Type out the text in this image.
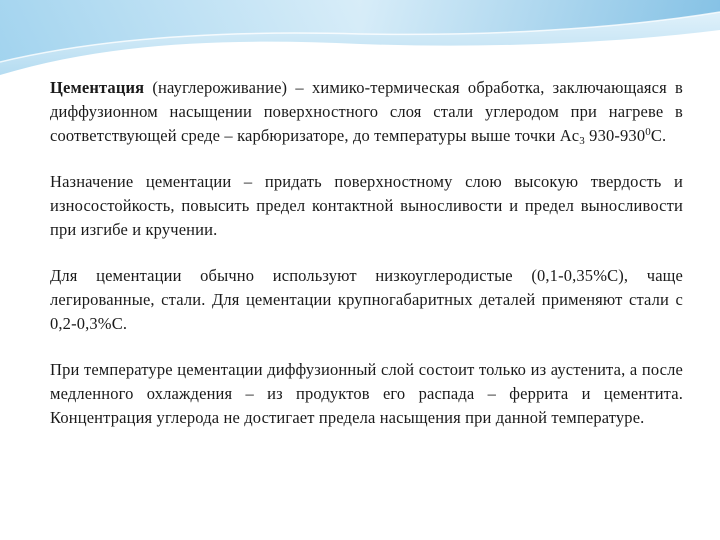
Цементация (науглероживание) – химико-термическая обработка, заключающаяся в диффузионном насыщении поверхностного слоя стали углеродом при нагреве в соответствующей среде – карбюризаторе, до температуры выше точки $Ac_3$ $930-930^0С$.

Назначение цементации – придать поверхностному слою высокую твердость и износостойкость, повысить предел контактной выносливости и предел выносливости при изгибе и кручении.

Для цементации обычно используют низкоуглеродистые (0,1-0,35%С), чаще легированные, стали. Для цементации крупногабаритных деталей применяют стали с 0,2-0,3%С.

При температуре цементации диффузионный слой состоит только из аустенита, а после медленного охлаждения – из продуктов его распада – феррита и цементита. Концентрация углерода не достигает предела насыщения при данной температуре.
